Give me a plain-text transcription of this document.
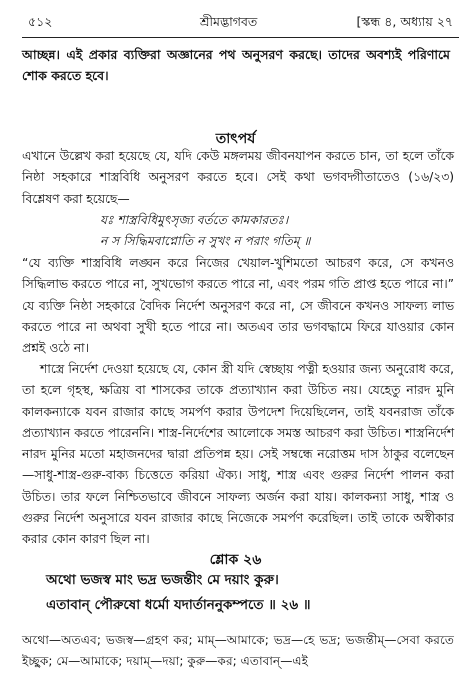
৫১২	শ্রীমদ্ভাগবত	[স্কন্ধ ৪, অধ্যায় ২৭
আচ্ছন্ন। এই প্রকার ব্যক্তিরা অজ্ঞানের পথ অনুসরণ করছে। তাদের অবশ্যই পরিণামে শোক করতে হবে।
তাৎপর্য

এখানে উল্লেখ করা হয়েছে যে, যদি কেউ মঙ্গলময় জীবনযাপন করতে চান, তা হলে তাঁকে নিষ্ঠা সহকারে শাস্ত্রবিধি অনুসরণ করতে হবে। সেই কথা ভগবদ্গীতাতেও (১৬/২৩) বিশ্লেষণ করা হয়েছে—

যঃ শাস্ত্রবিধিমুৎসৃজ্য বর্ততে কামকারতঃ।
ন স সিদ্ধিমবাপ্নোতি ন সুখং ন পরাং গতিম্ ॥

“যে ব্যক্তি শাস্ত্রবিধি লঙ্ঘন করে নিজের খেয়াল-খুশিমতো আচরণ করে, সে কখনও সিদ্ধিলাভ করতে পারে না, সুখভোগ করতে পারে না, এবং পরম গতি প্রাপ্ত হতে পারে না।” যে ব্যক্তি নিষ্ঠা সহকারে বৈদিক নির্দেশ অনুসরণ করে না, সে জীবনে কখনও সাফল্য লাভ করতে পারে না অথবা সুখী হতে পারে না। অতএব তার ভগবদ্ধামে ফিরে যাওয়ার কোন প্রশ্নই ওঠে না।

শাস্ত্রে নির্দেশ দেওয়া হয়েছে যে, কোন স্ত্রী যদি স্বেচ্ছায় পত্নী হওয়ার জন্য অনুরোধ করে, তা হলে গৃহস্থ, ক্ষত্রিয় বা শাসকের তাকে প্রত্যাখ্যান করা উচিত নয়। যেহেতু নারদ মুনি কালকন্যাকে যবন রাজার কাছে সমর্পণ করার উপদেশ দিয়েছিলেন, তাই যবনরাজ তাঁকে প্রত্যাখ্যান করতে পারেননি। শাস্ত্র-নির্দেশের আলোকে সমস্ত আচরণ করা উচিত। শাস্ত্রনির্দেশ নারদ মুনির মতো মহাজনদের দ্বারা প্রতিপন্ন হয়। সেই সম্বন্ধে নরোত্তম দাস ঠাকুর বলেছেন—সাধু-শাস্ত্র-গুরু-বাক্য চিত্তেতে করিয়া ঐক্য। সাধু, শাস্ত্র এবং গুরুর নির্দেশ পালন করা উচিত। তার ফলে নিশ্চিতভাবে জীবনে সাফল্য অর্জন করা যায়। কালকন্যা সাধু, শাস্ত্র ও গুরুর নির্দেশ অনুসারে যবন রাজার কাছে নিজেকে সমর্পণ করেছিল। তাই তাকে অস্বীকার করার কোন কারণ ছিল না।

শ্লোক ২৬
অথো ভজস্ব মাং ভদ্র ভজন্তীং মে দয়াং কুরু।
এতাবান্ পৌরুষো ধর্মো যদার্তাননুকম্পতে ॥ ২৬ ॥
অথো—অতএব; ভজস্ব—গ্রহণ কর; মাম্—আমাকে; ভদ্র—হে ভদ্র; ভজন্তীম্—সেবা করতে ইচ্ছুক; মে—আমাকে; দয়াম্—দয়া; কুরু—কর; এতাবান্—এই
